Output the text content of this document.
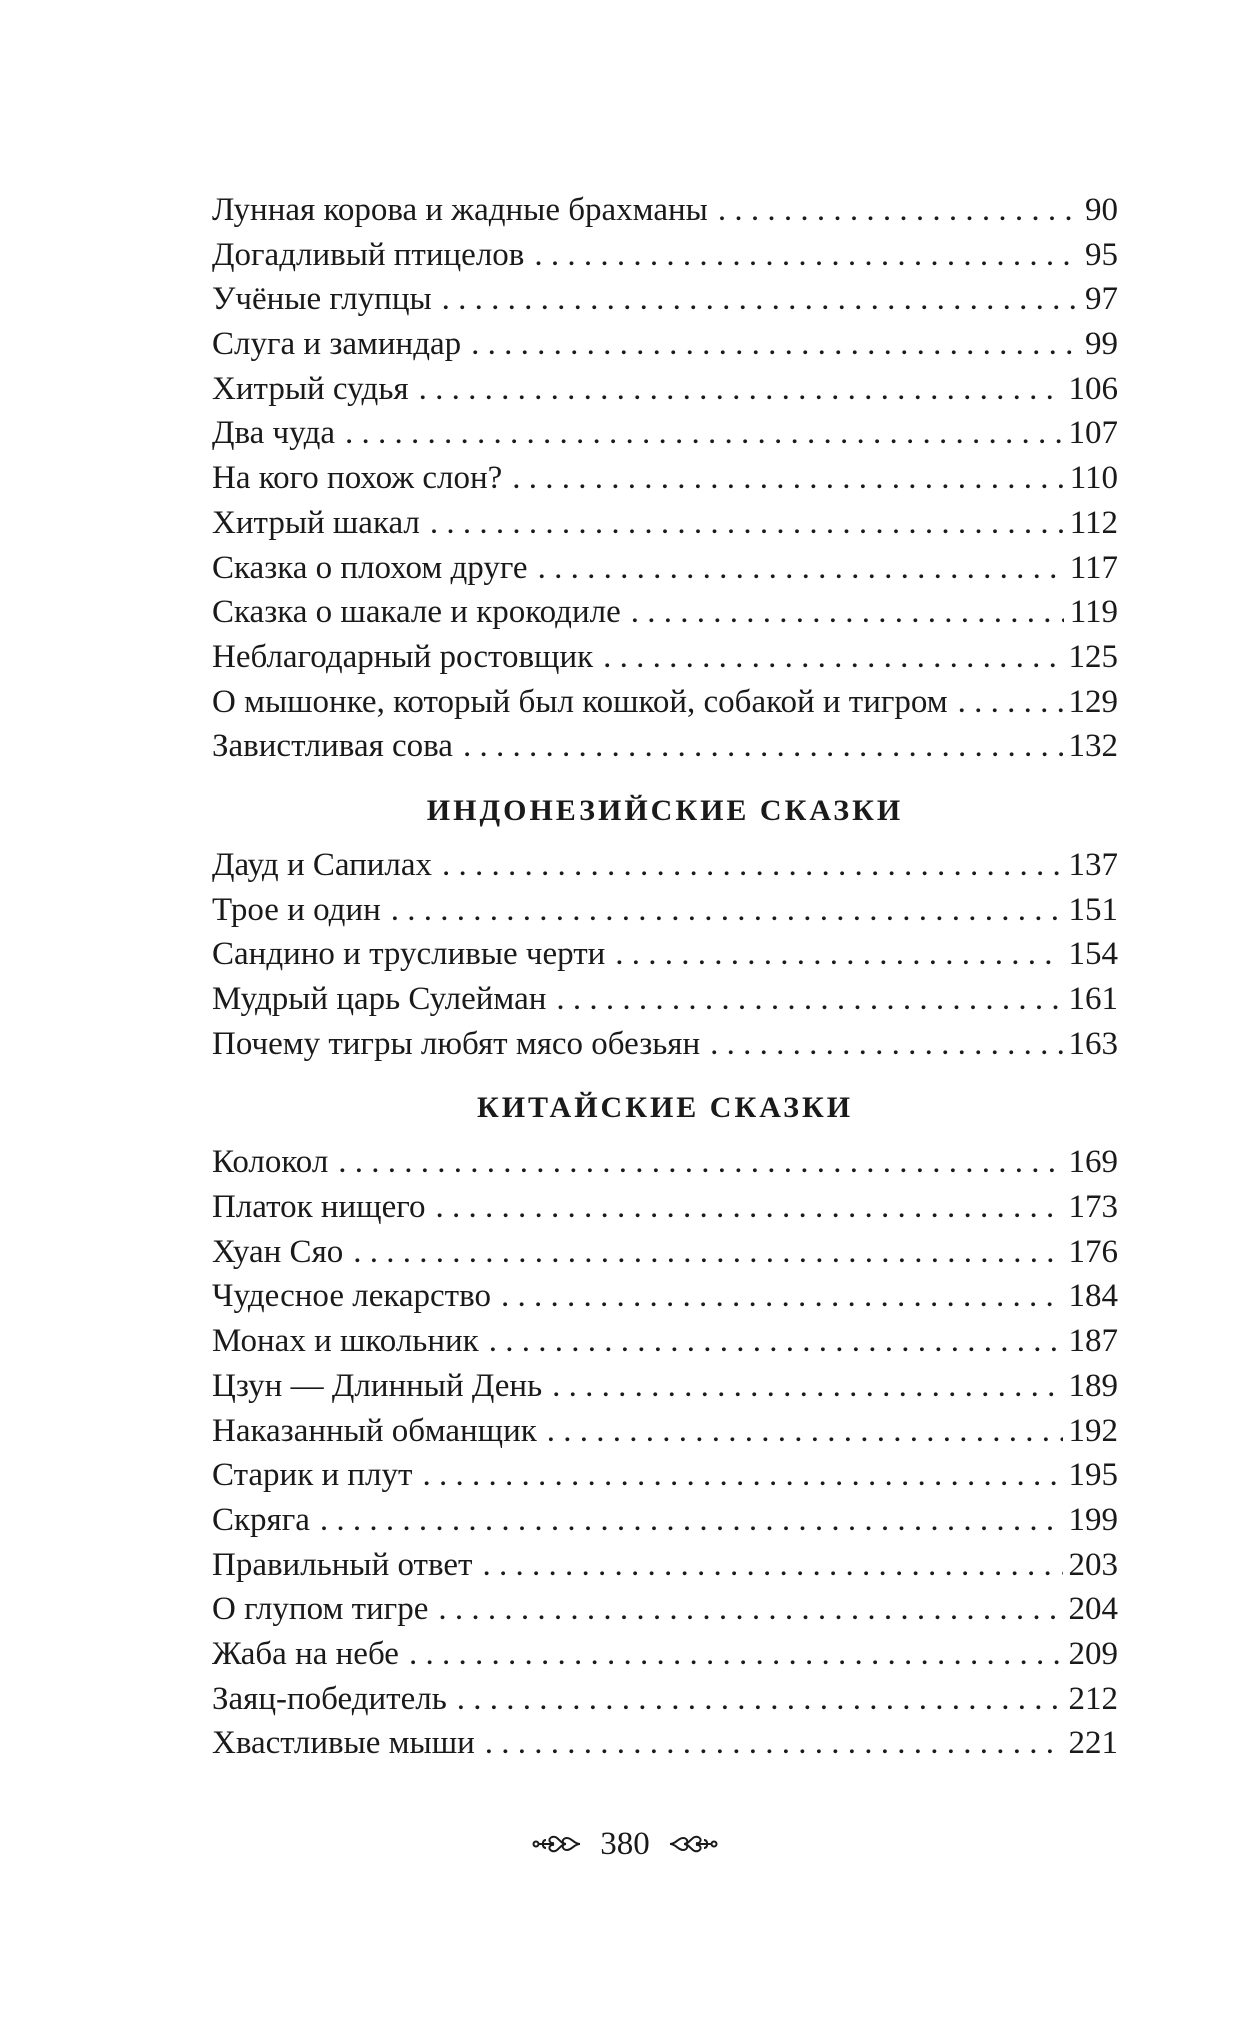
Лунная корова и жадные брахманы . . .	90
Догадливый птицелов . . .	95
Учёные глупцы . . .	97
Слуга и заминдар . . .	99
Хитрый судья . . .	106
Два чуда . . .	107
На кого похож слон? . . .	110
Хитрый шакал . . .	112
Сказка о плохом друге . . .	117
Сказка о шакале и крокодиле . . .	119
Неблагодарный ростовщик . . .	125
О мышонке, который был кошкой, собакой и тигром . . .	129
Завистливая сова . . .	132
ИНДОНЕЗИЙСКИЕ СКАЗКИ
Дауд и Сапилах . . .	137
Трое и один . . .	151
Сандино и трусливые черти . . .	154
Мудрый царь Сулейман . . .	161
Почему тигры любят мясо обезьян . . .	163
КИТАЙСКИЕ СКАЗКИ
Колокол . . .	169
Платок нищего . . .	173
Хуан Сяо . . .	176
Чудесное лекарство . . .	184
Монах и школьник . . .	187
Цзун — Длинный День . . .	189
Наказанный обманщик . . .	192
Старик и плут . . .	195
Скряга . . .	199
Правильный ответ . . .	203
О глупом тигре . . .	204
Жаба на небе . . .	209
Заяц-победитель . . .	212
Хвастливые мыши . . .	221
380
